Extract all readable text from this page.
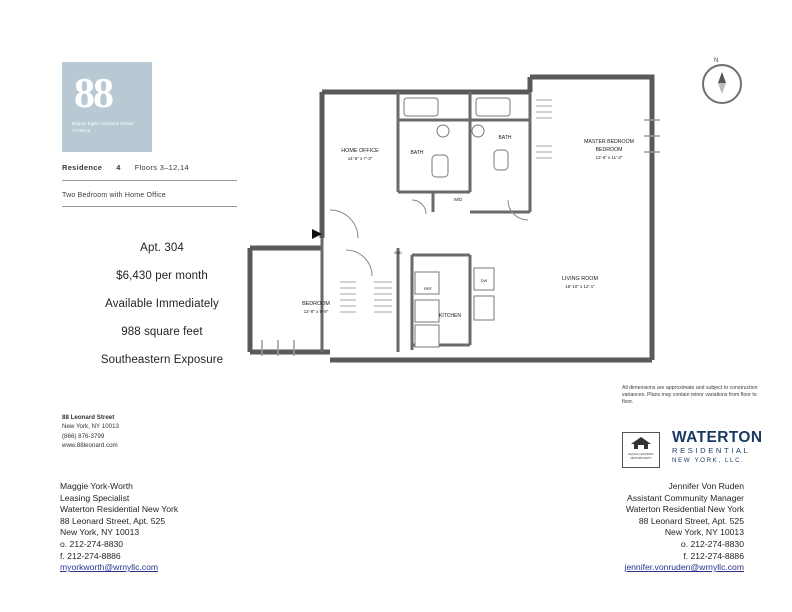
88
Eighty Eight Leonard Street
Tri Beca
Residence 4 Floors 3–12,14
Two Bedroom with Home Office
Apt. 304
$6,430 per month
Available Immediately
988 square feet
Southeastern Exposure
88 Leonard Street
New York, NY 10013
(866) 876-3799
www.88leonard.com
Maggie York-Worth
Leasing Specialist
Waterton Residential New York
88 Leonard Street, Apt. 525
New York, NY 10013
o. 212-274-8830
f. 212-274-8886
myorkworth@wrnyllc.com
Jennifer Von Ruden
Assistant Community Manager
Waterton Residential New York
88 Leonard Street, Apt. 525
New York, NY 10013
o. 212-274-8830
f. 212-274-8886
jennifer.vonruden@wrnyllc.com
All dimensions are approximate and subject to construction variances. Plans may contain minor variations from floor to floor.
EQUAL HOUSING
OPPORTUNITY
WATERTON
RESIDENTIAL
NEW YORK, LLC.
N
HOME OFFICE
14'-6" x 7'-3"
BATH
BATH
MASTER BEDROOM
BEDROOM
12'-6" x 11'-3"
W/D
LIVING ROOM
18'-10" x 12'-1"
BEDROOM
12'-8" x 9'-9"
KITCHEN
REF
DW
W/D
